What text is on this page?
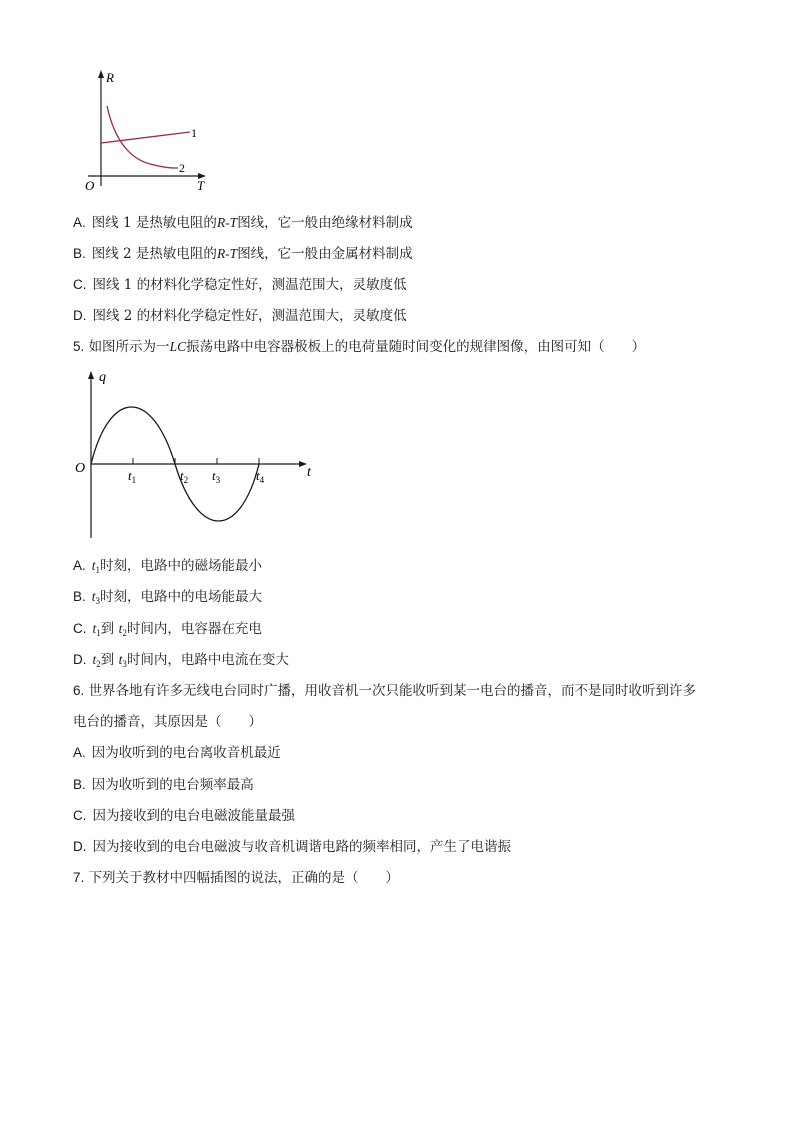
R
T
O
1
2
A. 图线 1 是热敏电阻的R-T图线，它一般由绝缘材料制成
B. 图线 2 是热敏电阻的R-T图线，它一般由金属材料制成
C. 图线 1 的材料化学稳定性好，测温范围大，灵敏度低
D. 图线 2 的材料化学稳定性好，测温范围大，灵敏度低
5. 如图所示为一LC振荡电路中电容器极板上的电荷量随时间变化的规律图像，由图可知（　　）
q
t
O	$t_1$	$t_2$ $t_3$	$t_4$
A. $t_1$时刻，电路中的磁场能最小
B. $t_3$时刻，电路中的电场能最大
C. $t_1$到 $t_2$时间内，电容器在充电
D. $t_2$到 $t_3$时间内，电路中电流在变大
6. 世界各地有许多无线电台同时广播，用收音机一次只能收听到某一电台的播音，而不是同时收听到许多
电台的播音，其原因是（　　）
A. 因为收听到的电台离收音机最近
B. 因为收听到的电台频率最高
C. 因为接收到的电台电磁波能量最强
D. 因为接收到的电台电磁波与收音机调谐电路的频率相同，产生了电谐振
7. 下列关于教材中四幅插图的说法，正确的是（　　）
